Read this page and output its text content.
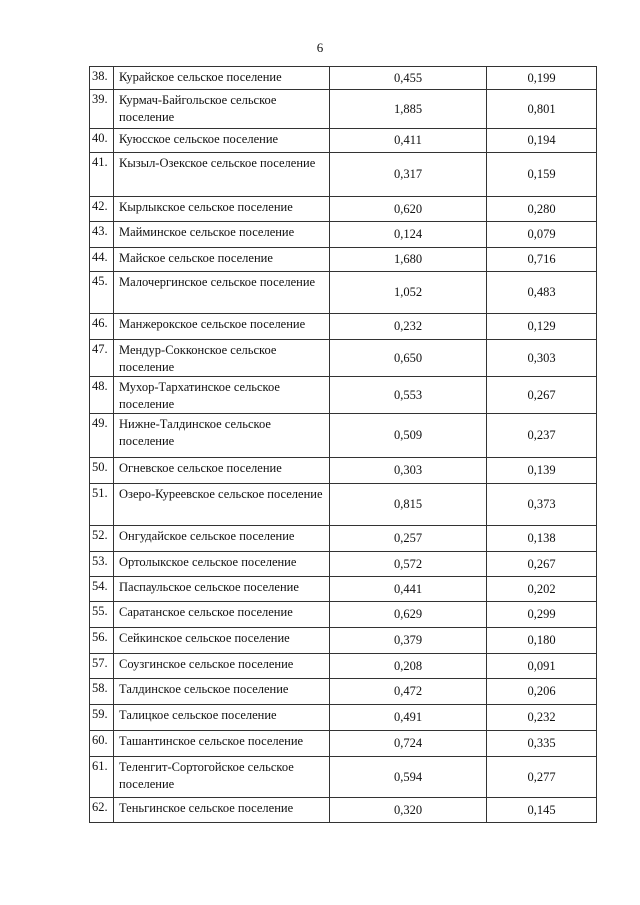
6
38.	Курайское сельское поселение	0,455	0,199
39.	Курмач-Байгольское сельское поселение	1,885	0,801
40.	Куюсское сельское поселение	0,411	0,194
41.	Кызыл-Озекское сельское поселение	0,317	0,159
42.	Кырлыкское сельское поселение	0,620	0,280
43.	Майминское сельское поселение	0,124	0,079
44.	Майское сельское поселение	1,680	0,716
45.	Малочергинское сельское поселение	1,052	0,483
46.	Манжерокское сельское поселение	0,232	0,129
47.	Мендур-Сокконское сельское поселение	0,650	0,303
48.	Мухор-Тархатинское сельское поселение	0,553	0,267
49.	Нижне-Талдинское сельское поселение	0,509	0,237
50.	Огневское сельское поселение	0,303	0,139
51.	Озеро-Куреевское сельское поселение	0,815	0,373
52.	Онгудайское сельское поселение	0,257	0,138
53.	Ортолыкское сельское поселение	0,572	0,267
54.	Паспаульское сельское поселение	0,441	0,202
55.	Саратанское сельское поселение	0,629	0,299
56.	Сейкинское сельское поселение	0,379	0,180
57.	Соузгинское сельское поселение	0,208	0,091
58.	Талдинское сельское поселение	0,472	0,206
59.	Талицкое сельское поселение	0,491	0,232
60.	Ташантинское сельское поселение	0,724	0,335
61.	Теленгит-Сортогойское сельское поселение	0,594	0,277
62.	Теньгинское сельское поселение	0,320	0,145
